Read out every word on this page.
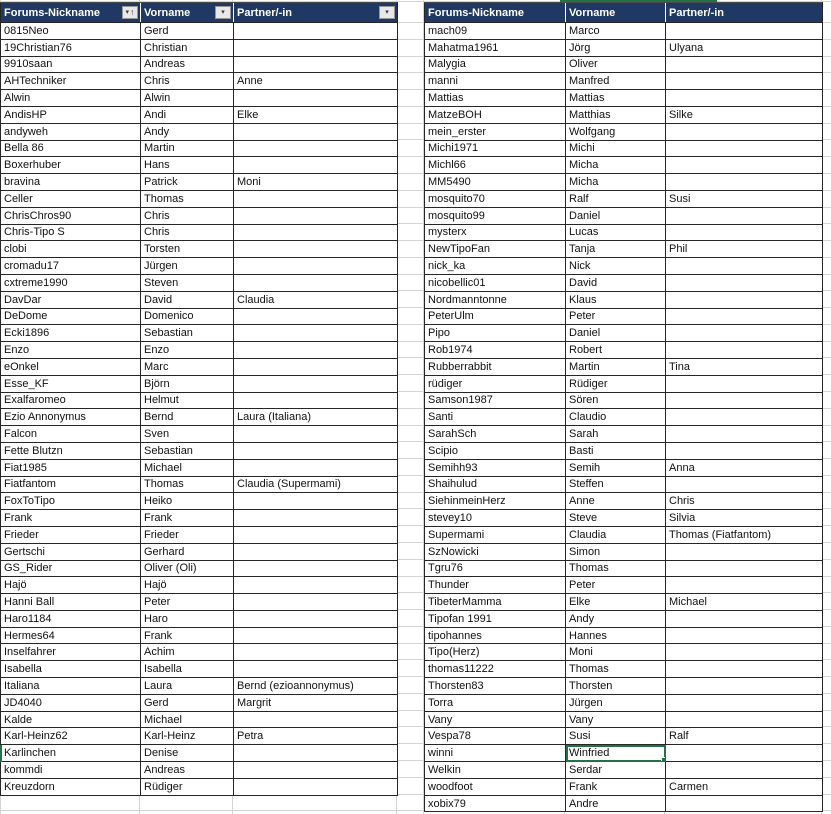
Forums-Nickname ▾ ↑	Vorname ▾	Partner/-in ▾

0815Neo	Gerd	
19Christian76	Christian	
9910saan	Andreas	
AHTechniker	Chris	Anne
Alwin	Alwin	
AndisHP	Andi	Elke
andyweh	Andy	
Bella 86	Martin	
Boxerhuber	Hans	
bravina	Patrick	Moni
Celler	Thomas	
ChrisChros90	Chris	
Chris-Tipo S	Chris	
clobi	Torsten	
cromadu17	Jürgen	
cxtreme1990	Steven	
DavDar	David	Claudia
DeDome	Domenico	
Ecki1896	Sebastian	
Enzo	Enzo	
eOnkel	Marc	
Esse_KF	Björn	
Exalfaromeo	Helmut	
Ezio Annonymus	Bernd	Laura (Italiana)
Falcon	Sven	
Fette Blutzn	Sebastian	
Fiat1985	Michael	
Fiatfantom	Thomas	Claudia (Supermami)
FoxToTipo	Heiko	
Frank	Frank	
Frieder	Frieder	
Gertschi	Gerhard	
GS_Rider	Oliver (Oli)	
Hajö	Hajö	
Hanni Ball	Peter	
Haro1184	Haro	
Hermes64	Frank	
Inselfahrer	Achim	
Isabella	Isabella	
Italiana	Laura	Bernd (ezioannonymus)
JD4040	Gerd	Margrit
Kalde	Michael	
Karl-Heinz62	Karl-Heinz	Petra
Karlinchen	Denise	
kommdi	Andreas	
Kreuzdorn	Rüdiger	
Forums-Nickname	Vorname	Partner/-in
mach09	Marco	
Mahatma1961	Jörg	Ulyana
Malygia	Oliver	
manni	Manfred	
Mattias	Mattias	
MatzeBOH	Matthias	Silke
mein_erster	Wolfgang	
Michi1971	Michi	
Michl66	Micha	
MM5490	Micha	
mosquito70	Ralf	Susi
mosquito99	Daniel	
mysterx	Lucas	
NewTipoFan	Tanja	Phil
nick_ka	Nick	
nicobellic01	David	
Nordmanntonne	Klaus	
PeterUlm	Peter	
Pipo	Daniel	
Rob1974	Robert	
Rubberrabbit	Martin	Tina
rüdiger	Rüdiger	
Samson1987	Sören	
Santi	Claudio	
SarahSch	Sarah	
Scipio	Basti	
Semihh93	Semih	Anna
Shaihulud	Steffen	
SiehinmeinHerz	Anne	Chris
stevey10	Steve	Silvia
Supermami	Claudia	Thomas (Fiatfantom)
SzNowicki	Simon	
Tgru76	Thomas	
Thunder	Peter	
TibeterMamma	Elke	Michael
Tipofan 1991	Andy	
tipohannes	Hannes	
Tipo(Herz)	Moni	
thomas11222	Thomas	
Thorsten83	Thorsten	
Torra	Jürgen	
Vany	Vany	
Vespa78	Susi	Ralf
winni	Winfried	
Welkin	Serdar	
woodfoot	Frank	Carmen
xobix79	Andre	
